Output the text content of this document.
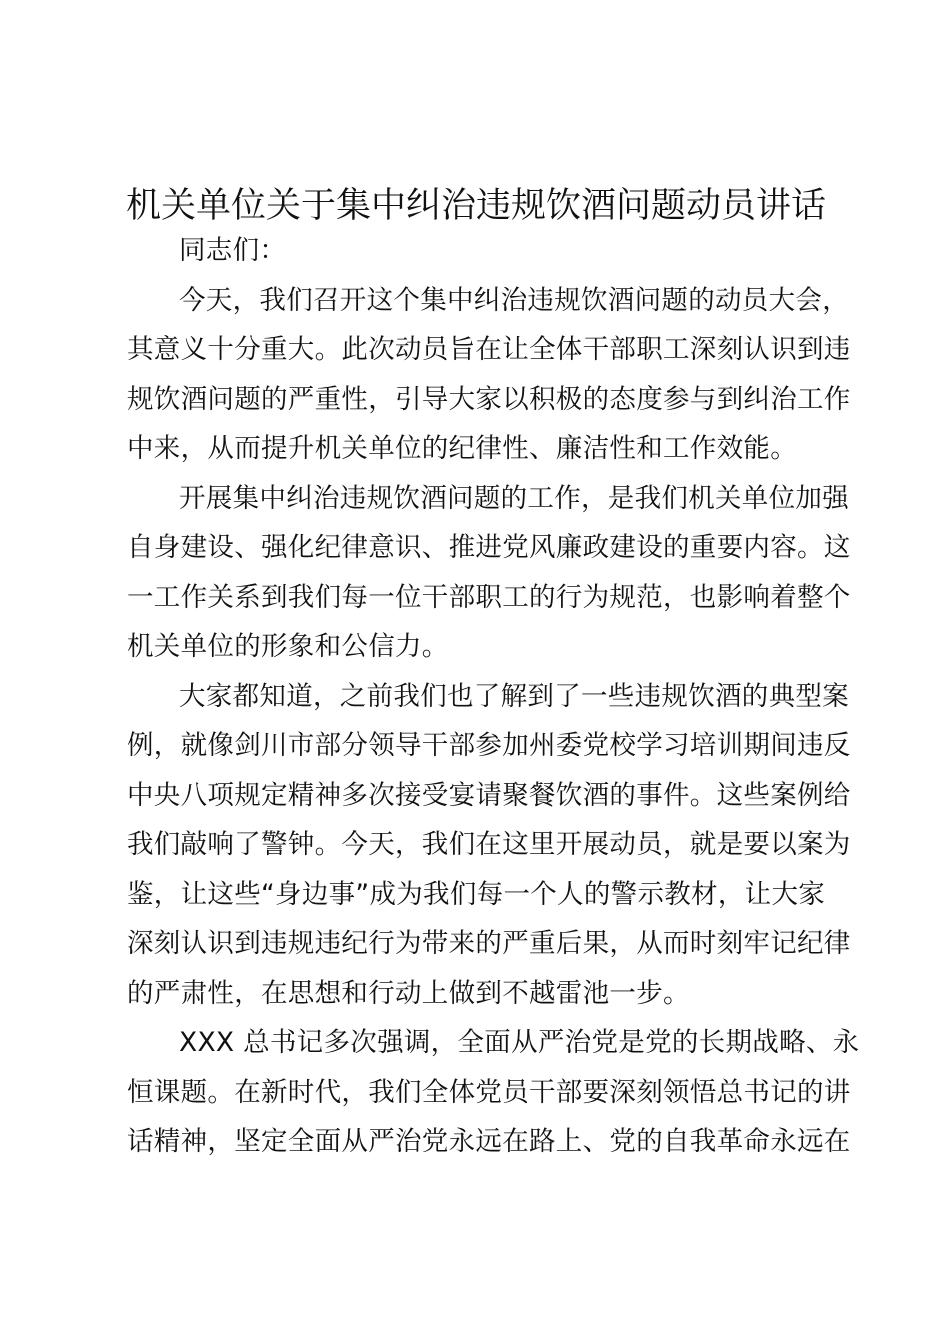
机关单位关于集中纠治违规饮酒问题动员讲话

同志们：

今天，我们召开这个集中纠治违规饮酒问题的动员大会，
其意义十分重大。此次动员旨在让全体干部职工深刻认识到违
规饮酒问题的严重性，引导大家以积极的态度参与到纠治工作
中来，从而提升机关单位的纪律性、廉洁性和工作效能。

开展集中纠治违规饮酒问题的工作，是我们机关单位加强
自身建设、强化纪律意识、推进党风廉政建设的重要内容。这
一工作关系到我们每一位干部职工的行为规范，也影响着整个
机关单位的形象和公信力。

大家都知道，之前我们也了解到了一些违规饮酒的典型案
例，就像剑川市部分领导干部参加州委党校学习培训期间违反
中央八项规定精神多次接受宴请聚餐饮酒的事件。这些案例给
我们敲响了警钟。今天，我们在这里开展动员，就是要以案为
鉴，让这些“身边事”成为我们每一个人的警示教材，让大家
深刻认识到违规违纪行为带来的严重后果，从而时刻牢记纪律
的严肃性，在思想和行动上做到不越雷池一步。

XXX 总书记多次强调，全面从严治党是党的长期战略、永
恒课题。在新时代，我们全体党员干部要深刻领悟总书记的讲
话精神，坚定全面从严治党永远在路上、党的自我革命永远在
